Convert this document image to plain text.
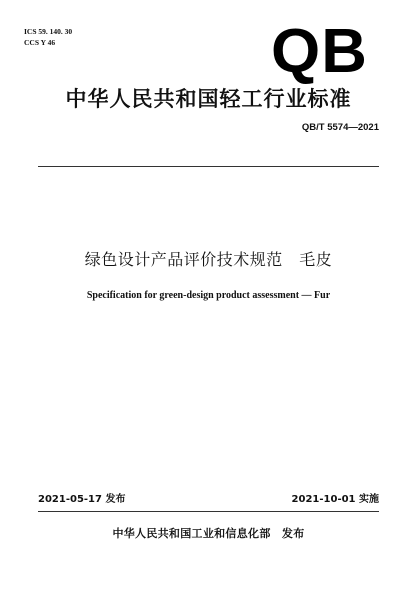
ICS 59. 140. 30
CCS Y 46	QB
中华人民共和国轻工行业标准
QB/T 5574—2021
绿色设计产品评价技术规范　毛皮
Specification for green-design product assessment — Fur
2021-05-17 发布	2021-10-01 实施
中华人民共和国工业和信息化部　发布
